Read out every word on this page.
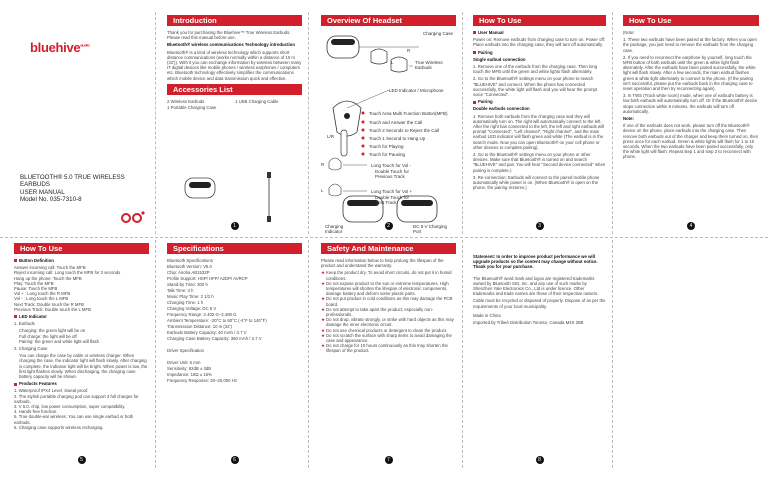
bluehive$^{audio}$
BLUETOOTH® 5.0 TRUE WIRELESS EARBUDS
USER MANUAL
Model No. 035-7310-8
Introduction

Thank you for purchasing the Bluehive™ True Wireless Earbuds. Please read this manual before use.

Bluetooth® wireless communications Technology introduction

Bluetooth® is a kind of wireless technology which supports short distance communications (works normally within a distance of 10 m (32')). With it you can exchange information by wireless between many IT digital devices like mobile phones / wireless earphones / computers etc. Bluetooth technology effectively simplifies the communications which mobile device and data transmission quick and effective.

Accessories List
2 Wireless Earbuds	1 USB Charging Cable
1 Portable Charging Case
1
Overview Of Headset
Charging Case
R
L	True Wireless Earbuds
LED Indicator / Microphone
Touch Area Multi Function Button(MFB)
Touch and Answer the Call
Touch 2 Seconds to Reject the Call
Touch 1 Second to Hang Up
Touch for Playing
Touch for Pausing
Long Touch for Vol -
Double Touch for Previous Track
Long Touch for Vol +
Double Touch for Next Track
Charging Indicator
DC 5 V Charging Port
L/R
R
L
2
How To Use

User Manual

Power on: Remove earbuds from charging case to turn on. Power off: Place earbuds into the charging case, they will turn off automatically.

Pairing

Single earbud connection

1. Remove one of the earbuds from the charging case. Then long touch the MFB until the green and white lights flash alternately.

2. Go to the Bluetooth® settings menu on your phone to search "BLUEHIVE" and connect. When the phone has connected successfully, the white light will flash and you will hear the prompt voice "Connected".

Pairing

Double earbuds connection

1. Remove both earbuds from the charging case and they will automatically turn on. The right will automatically connect to the left. After the right has connected to the left, the left and right earbuds will prompt "Connected", "Left channel", "Right channel", and the main earbud LED indicator will flash green and white (The earbud is in the search mode. Now you can open Bluetooth® on your cell phone or other devices to complete pairing).

2. Go to the Bluetooth® settings menu on your phone or other devices. Make sure that Bluetooth® is turned on and search "BLUEHIVE" and pair. You will hear "Second device connected" when pairing is complete.)

3. Re-connection: Earbuds will connect to the paired mobile phone automatically while power is on. (When Bluetooth® is open on the phone, the pairing restores.)

3
How To Use

(Note:

1. These two earbuds have been paired at the factory. When you open the package, you just need to remove the earbuds from the charging case.

2. If you need to reconnect the earphone by yourself, long touch the MFB button of both earbuds until the green & white light flash alternately. After the earbuds have been paired successfully, the white light will flash slowly. After a few seconds, the main earbud flashes green & white light alternately to connect to the phone. (If the pairing isn't successful, please put the earbuds back in the charging case to reset operation and then try reconnecting again).

3. In TWS (Track white room) mode, when one of earbud's battery is low both earbuds will automatically turn off. Or if the Bluetooth® device stops connection within 5 minutes, the earbuds will turn off automatically.

Note:

If one of the earbuds does not work, please turn off the Bluetooth® device on the phone, place earbuds into the charging case. Then remove both earbuds out of the charger and keep them turned on, then press once for each earbud. Green & white lights will flash for 1 to 10 seconds. When the two earbuds have been paired successfully, only the white light will flash. Repeat step 1 and step 2 to reconnect with phone.

4
How To Use

Button Definition

Answer incoming call: Touch the MFB
Reject incoming call: Long touch the MFB for 2 seconds
Hang up the phone: Touch the MFB
Play: Touch the MFB
Pause: Touch the MFB
Vol + : Long touch the R MFB
Vol - : Long touch the L MFB
Next Track: Double touch the R MFB
Previous Track: Double touch the L MFB

LED Indicator

1. Earbuds

Charging: the green light will be on
Full charge: the light will be off
Pairing: the green and white light will flash

2. Charging Case

You can charge the case by cable or wireless charger. When charging the case, the indicator light will flash slowly. After charging is complete, the indicator light will be bright. When power is low, the first light flashes slowly. When discharging, the charging case battery capacity will be shown.

Products Features

1. Waterproof IPX4 Level, Sweat proof.
2. The stylish portable charging pod can support 3 full charges for earbuds.
3. V 5.0. chip, low power consumption, super compatibility.
4. Hands-free function.
5. True double-ear wireless. You can use single earbud or both earbuds.
6. Charging case supports wireless recharging.
5
Specifications
Bluetooth Specifications
Bluetooth Version: V5.0
Chip: Airoha AB1532P
Profile Support: HSP/ HFP/ A2DP/ AVRCP
Stand-by Time: 300 h
Talk Time: 3 h
Music Play Time: 2 1/2 h
Charging Time: 1 h
Charging Voltage: DC 5 V
Frequency Range: 2.402 G–2.480 G
Ambient Temperature: -20°C to 60°C (-4°F to 140°F)
Transmission Distance: 10 m (32')
Earbuds Battery Capacity: 40 mAh / 3.7 V
Charging Case Battery Capacity: 360 mAh / 3.7 V
Driver Specification
Driver Unit: 6 mm
Sensitivity: 92dB ± 3dB
Impedance: 16Ω ± 15%
Frequency Response: 20–20,000 Hz
6
Safety And Maintenance

Please read information below to help prolong the lifespan of the product and understand the warranty.

★ Keep the product dry. To avoid short circuits, do not put it in humid conditions.
★ Do not expose product to the sun or extreme temperatures. High temperatures will shorten the lifespan of electronic components, damage battery and deform some plastic parts.
★ Do not put product in cold conditions as this may damage the PCB board.
★ Do not attempt to take apart the product; especially non-professionals.
★ Do not drop, vibrate strongly, or strike with hard objects as this may damage the inner electronic circuit.
★ Do not use chemical products or detergent to clean the product.
★ Do not scratch the surface with sharp items to avoid damaging the case and appearance.
★ Do not charge for 10 hours continuously as this may shorten the lifespan of the product.
7

Statement: In order to improve product performance we will upgrade products so the content may change without notice. Thank you for your purchase.

The Bluetooth® word mark and logos are registered trademarks owned by Bluetooth SIG, Inc. and any use of such marks by Shenzhen Yale Electronics Co., Ltd is under licence. Other trademarks and trade names are those of their respective owners.

Cable must be recycled or disposed of properly. Dispose of as per the requirements of your local municipality.

Made in China

Imported by Tribeé Distribution Toronto, Canada M4S 2B8

8
